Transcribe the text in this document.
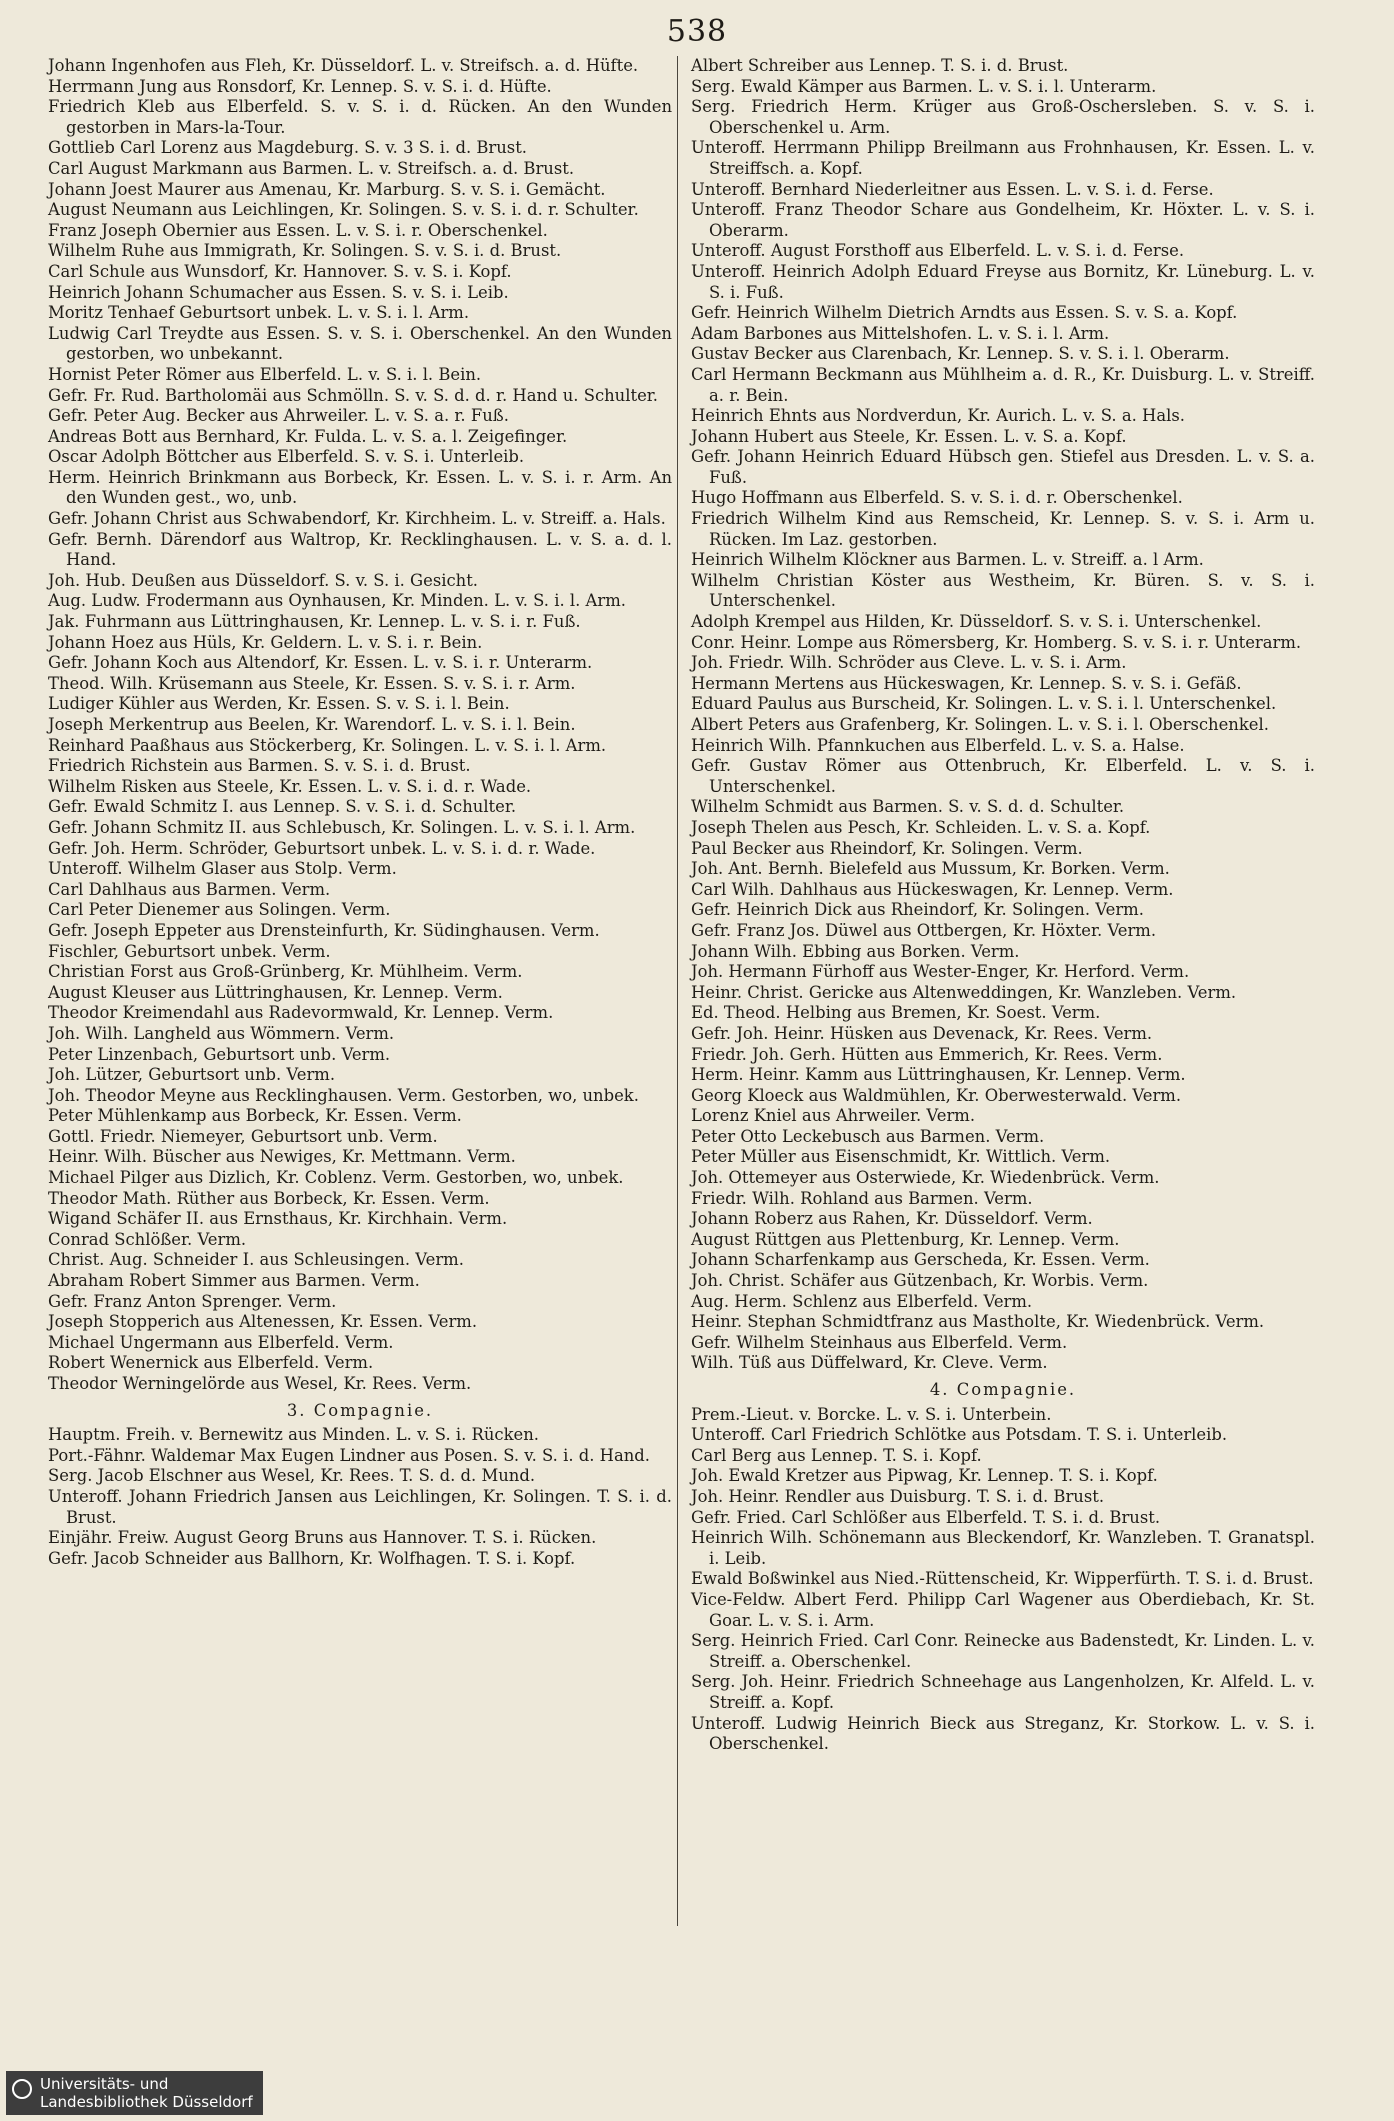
538

Johann Ingenhofen aus Fleh, Kr. Düsseldorf. L. v. Streifsch. a. d. Hüfte.

Herrmann Jung aus Ronsdorf, Kr. Lennep. S. v. S. i. d. Hüfte.

Friedrich Kleb aus Elberfeld. S. v. S. i. d. Rücken. An den Wunden gestorben in Mars-la-Tour.

Gottlieb Carl Lorenz aus Magdeburg. S. v. 3 S. i. d. Brust.

Carl August Markmann aus Barmen. L. v. Streifsch. a. d. Brust.

Johann Joest Maurer aus Amenau, Kr. Marburg. S. v. S. i. Gemächt.

August Neumann aus Leichlingen, Kr. Solingen. S. v. S. i. d. r. Schulter.

Franz Joseph Obernier aus Essen. L. v. S. i. r. Oberschenkel.

Wilhelm Ruhe aus Immigrath, Kr. Solingen. S. v. S. i. d. Brust.

Carl Schule aus Wunsdorf, Kr. Hannover. S. v. S. i. Kopf.

Heinrich Johann Schumacher aus Essen. S. v. S. i. Leib.

Moritz Tenhaef Geburtsort unbek. L. v. S. i. l. Arm.

Ludwig Carl Treydte aus Essen. S. v. S. i. Oberschenkel. An den Wunden gestorben, wo unbekannt.

Hornist Peter Römer aus Elberfeld. L. v. S. i. l. Bein.

Gefr. Fr. Rud. Bartholomäi aus Schmölln. S. v. S. d. d. r. Hand u. Schulter.

Gefr. Peter Aug. Becker aus Ahrweiler. L. v. S. a. r. Fuß.

Andreas Bott aus Bernhard, Kr. Fulda. L. v. S. a. l. Zeigefinger.

Oscar Adolph Böttcher aus Elberfeld. S. v. S. i. Unterleib.

Herm. Heinrich Brinkmann aus Borbeck, Kr. Essen. L. v. S. i. r. Arm. An den Wunden gest., wo, unb.

Gefr. Johann Christ aus Schwabendorf, Kr. Kirchheim. L. v. Streiff. a. Hals.

Gefr. Bernh. Därendorf aus Waltrop, Kr. Recklinghausen. L. v. S. a. d. l. Hand.

Joh. Hub. Deußen aus Düsseldorf. S. v. S. i. Gesicht.

Aug. Ludw. Frodermann aus Oynhausen, Kr. Minden. L. v. S. i. l. Arm.

Jak. Fuhrmann aus Lüttringhausen, Kr. Lennep. L. v. S. i. r. Fuß.

Johann Hoez aus Hüls, Kr. Geldern. L. v. S. i. r. Bein.

Gefr. Johann Koch aus Altendorf, Kr. Essen. L. v. S. i. r. Unterarm.

Theod. Wilh. Krüsemann aus Steele, Kr. Essen. S. v. S. i. r. Arm.

Ludiger Kühler aus Werden, Kr. Essen. S. v. S. i. l. Bein.

Joseph Merkentrup aus Beelen, Kr. Warendorf. L. v. S. i. l. Bein.

Reinhard Paaßhaus aus Stöckerberg, Kr. Solingen. L. v. S. i. l. Arm.

Friedrich Richstein aus Barmen. S. v. S. i. d. Brust.

Wilhelm Risken aus Steele, Kr. Essen. L. v. S. i. d. r. Wade.

Gefr. Ewald Schmitz I. aus Lennep. S. v. S. i. d. Schulter.

Gefr. Johann Schmitz II. aus Schlebusch, Kr. Solingen. L. v. S. i. l. Arm.

Gefr. Joh. Herm. Schröder, Geburtsort unbek. L. v. S. i. d. r. Wade.

Unteroff. Wilhelm Glaser aus Stolp. Verm.

Carl Dahlhaus aus Barmen. Verm.

Carl Peter Dienemer aus Solingen. Verm.

Gefr. Joseph Eppeter aus Drensteinfurth, Kr. Südinghausen. Verm.

Fischler, Geburtsort unbek. Verm.

Christian Forst aus Groß-Grünberg, Kr. Mühlheim. Verm.

August Kleuser aus Lüttringhausen, Kr. Lennep. Verm.

Theodor Kreimendahl aus Radevormwald, Kr. Lennep. Verm.

Joh. Wilh. Langheld aus Wömmern. Verm.

Peter Linzenbach, Geburtsort unb. Verm.

Joh. Lützer, Geburtsort unb. Verm.

Joh. Theodor Meyne aus Recklinghausen. Verm. Gestorben, wo, unbek.

Peter Mühlenkamp aus Borbeck, Kr. Essen. Verm.

Gottl. Friedr. Niemeyer, Geburtsort unb. Verm.

Heinr. Wilh. Büscher aus Newiges, Kr. Mettmann. Verm.

Michael Pilger aus Dizlich, Kr. Coblenz. Verm. Gestorben, wo, unbek.

Theodor Math. Rüther aus Borbeck, Kr. Essen. Verm.

Wigand Schäfer II. aus Ernsthaus, Kr. Kirchhain. Verm.

Conrad Schlößer. Verm.

Christ. Aug. Schneider I. aus Schleusingen. Verm.

Abraham Robert Simmer aus Barmen. Verm.

Gefr. Franz Anton Sprenger. Verm.

Joseph Stopperich aus Altenessen, Kr. Essen. Verm.

Michael Ungermann aus Elberfeld. Verm.

Robert Wenernick aus Elberfeld. Verm.

Theodor Werningelörde aus Wesel, Kr. Rees. Verm.

3. Compagnie.

Hauptm. Freih. v. Bernewitz aus Minden. L. v. S. i. Rücken.

Port.-Fähnr. Waldemar Max Eugen Lindner aus Posen. S. v. S. i. d. Hand.

Serg. Jacob Elschner aus Wesel, Kr. Rees. T. S. d. d. Mund.

Unteroff. Johann Friedrich Jansen aus Leichlingen, Kr. Solingen. T. S. i. d. Brust.

Einjähr. Freiw. August Georg Bruns aus Hannover. T. S. i. Rücken.

Gefr. Jacob Schneider aus Ballhorn, Kr. Wolfhagen. T. S. i. Kopf.

Albert Schreiber aus Lennep. T. S. i. d. Brust.

Serg. Ewald Kämper aus Barmen. L. v. S. i. l. Unterarm.

Serg. Friedrich Herm. Krüger aus Groß-Oschersleben. S. v. S. i. Oberschenkel u. Arm.

Unteroff. Herrmann Philipp Breilmann aus Frohnhausen, Kr. Essen. L. v. Streiffsch. a. Kopf.

Unteroff. Bernhard Niederleitner aus Essen. L. v. S. i. d. Ferse.

Unteroff. Franz Theodor Schare aus Gondelheim, Kr. Höxter. L. v. S. i. Oberarm.

Unteroff. August Forsthoff aus Elberfeld. L. v. S. i. d. Ferse.

Unteroff. Heinrich Adolph Eduard Freyse aus Bornitz, Kr. Lüneburg. L. v. S. i. Fuß.

Gefr. Heinrich Wilhelm Dietrich Arndts aus Essen. S. v. S. a. Kopf.

Adam Barbones aus Mittelshofen. L. v. S. i. l. Arm.

Gustav Becker aus Clarenbach, Kr. Lennep. S. v. S. i. l. Oberarm.

Carl Hermann Beckmann aus Mühlheim a. d. R., Kr. Duisburg. L. v. Streiff. a. r. Bein.

Heinrich Ehnts aus Nordverdun, Kr. Aurich. L. v. S. a. Hals.

Johann Hubert aus Steele, Kr. Essen. L. v. S. a. Kopf.

Gefr. Johann Heinrich Eduard Hübsch gen. Stiefel aus Dresden. L. v. S. a. Fuß.

Hugo Hoffmann aus Elberfeld. S. v. S. i. d. r. Oberschenkel.

Friedrich Wilhelm Kind aus Remscheid, Kr. Lennep. S. v. S. i. Arm u. Rücken. Im Laz. gestorben.

Heinrich Wilhelm Klöckner aus Barmen. L. v. Streiff. a. l Arm.

Wilhelm Christian Köster aus Westheim, Kr. Büren. S. v. S. i. Unterschenkel.

Adolph Krempel aus Hilden, Kr. Düsseldorf. S. v. S. i. Unterschenkel.

Conr. Heinr. Lompe aus Römersberg, Kr. Homberg. S. v. S. i. r. Unterarm.

Joh. Friedr. Wilh. Schröder aus Cleve. L. v. S. i. Arm.

Hermann Mertens aus Hückeswagen, Kr. Lennep. S. v. S. i. Gefäß.

Eduard Paulus aus Burscheid, Kr. Solingen. L. v. S. i. l. Unterschenkel.

Albert Peters aus Grafenberg, Kr. Solingen. L. v. S. i. l. Oberschenkel.

Heinrich Wilh. Pfannkuchen aus Elberfeld. L. v. S. a. Halse.

Gefr. Gustav Römer aus Ottenbruch, Kr. Elberfeld. L. v. S. i. Unterschenkel.

Wilhelm Schmidt aus Barmen. S. v. S. d. d. Schulter.

Joseph Thelen aus Pesch, Kr. Schleiden. L. v. S. a. Kopf.

Paul Becker aus Rheindorf, Kr. Solingen. Verm.

Joh. Ant. Bernh. Bielefeld aus Mussum, Kr. Borken. Verm.

Carl Wilh. Dahlhaus aus Hückeswagen, Kr. Lennep. Verm.

Gefr. Heinrich Dick aus Rheindorf, Kr. Solingen. Verm.

Gefr. Franz Jos. Düwel aus Ottbergen, Kr. Höxter. Verm.

Johann Wilh. Ebbing aus Borken. Verm.

Joh. Hermann Fürhoff aus Wester-Enger, Kr. Herford. Verm.

Heinr. Christ. Gericke aus Altenweddingen, Kr. Wanzleben. Verm.

Ed. Theod. Helbing aus Bremen, Kr. Soest. Verm.

Gefr. Joh. Heinr. Hüsken aus Devenack, Kr. Rees. Verm.

Friedr. Joh. Gerh. Hütten aus Emmerich, Kr. Rees. Verm.

Herm. Heinr. Kamm aus Lüttringhausen, Kr. Lennep. Verm.

Georg Kloeck aus Waldmühlen, Kr. Oberwesterwald. Verm.

Lorenz Kniel aus Ahrweiler. Verm.

Peter Otto Leckebusch aus Barmen. Verm.

Peter Müller aus Eisenschmidt, Kr. Wittlich. Verm.

Joh. Ottemeyer aus Osterwiede, Kr. Wiedenbrück. Verm.

Friedr. Wilh. Rohland aus Barmen. Verm.

Johann Roberz aus Rahen, Kr. Düsseldorf. Verm.

August Rüttgen aus Plettenburg, Kr. Lennep. Verm.

Johann Scharfenkamp aus Gerscheda, Kr. Essen. Verm.

Joh. Christ. Schäfer aus Gützenbach, Kr. Worbis. Verm.

Aug. Herm. Schlenz aus Elberfeld. Verm.

Heinr. Stephan Schmidtfranz aus Mastholte, Kr. Wiedenbrück. Verm.

Gefr. Wilhelm Steinhaus aus Elberfeld. Verm.

Wilh. Tüß aus Düffelward, Kr. Cleve. Verm.

4. Compagnie.

Prem.-Lieut. v. Borcke. L. v. S. i. Unterbein.

Unteroff. Carl Friedrich Schlötke aus Potsdam. T. S. i. Unterleib.

Carl Berg aus Lennep. T. S. i. Kopf.

Joh. Ewald Kretzer aus Pipwag, Kr. Lennep. T. S. i. Kopf.

Joh. Heinr. Rendler aus Duisburg. T. S. i. d. Brust.

Gefr. Fried. Carl Schlößer aus Elberfeld. T. S. i. d. Brust.

Heinrich Wilh. Schönemann aus Bleckendorf, Kr. Wanzleben. T. Granatspl. i. Leib.

Ewald Boßwinkel aus Nied.-Rüttenscheid, Kr. Wipperfürth. T. S. i. d. Brust.

Vice-Feldw. Albert Ferd. Philipp Carl Wagener aus Oberdiebach, Kr. St. Goar. L. v. S. i. Arm.

Serg. Heinrich Fried. Carl Conr. Reinecke aus Badenstedt, Kr. Linden. L. v. Streiff. a. Oberschenkel.

Serg. Joh. Heinr. Friedrich Schneehage aus Langenholzen, Kr. Alfeld. L. v. Streiff. a. Kopf.

Unteroff. Ludwig Heinrich Bieck aus Streganz, Kr. Storkow. L. v. S. i. Oberschenkel.

Universitäts- und
Landesbibliothek Düsseldorf
